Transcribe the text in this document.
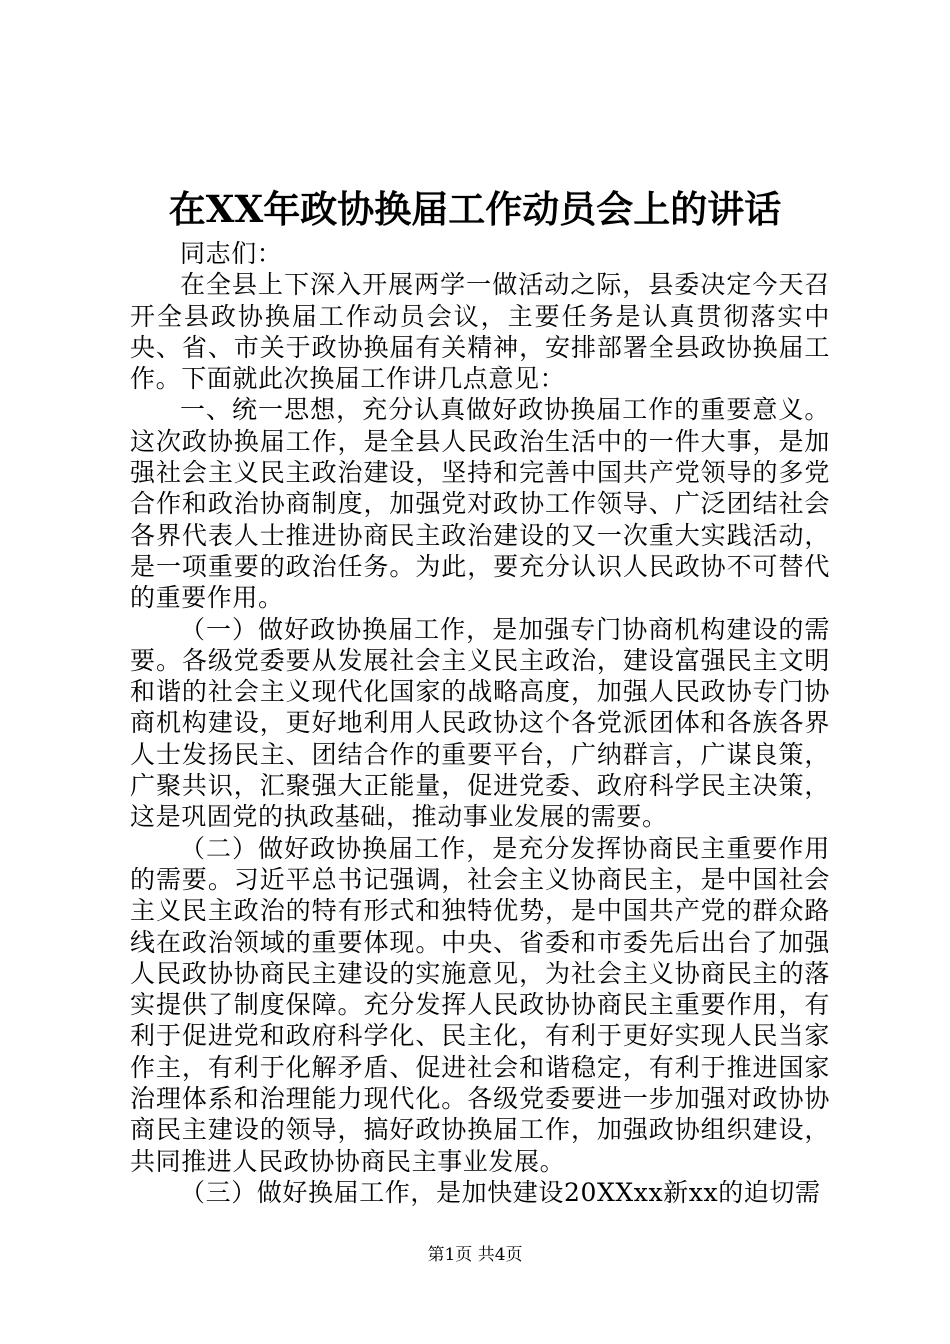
在XX年政协换届工作动员会上的讲话

同志们：

在全县上下深入开展两学一做活动之际，县委决定今天召开全县政协换届工作动员会议，主要任务是认真贯彻落实中央、省、市关于政协换届有关精神，安排部署全县政协换届工作。下面就此次换届工作讲几点意见：

一、统一思想，充分认真做好政协换届工作的重要意义。这次政协换届工作，是全县人民政治生活中的一件大事，是加强社会主义民主政治建设，坚持和完善中国共产党领导的多党合作和政治协商制度，加强党对政协工作领导、广泛团结社会各界代表人士推进协商民主政治建设的又一次重大实践活动，是一项重要的政治任务。为此，要充分认识人民政协不可替代的重要作用。

（一）做好政协换届工作，是加强专门协商机构建设的需要。各级党委要从发展社会主义民主政治，建设富强民主文明和谐的社会主义现代化国家的战略高度，加强人民政协专门协商机构建设，更好地利用人民政协这个各党派团体和各族各界人士发扬民主、团结合作的重要平台，广纳群言，广谋良策，广聚共识，汇聚强大正能量，促进党委、政府科学民主决策，这是巩固党的执政基础，推动事业发展的需要。

（二）做好政协换届工作，是充分发挥协商民主重要作用的需要。习近平总书记强调，社会主义协商民主，是中国社会主义民主政治的特有形式和独特优势，是中国共产党的群众路线在政治领域的重要体现。中央、省委和市委先后出台了加强人民政协协商民主建设的实施意见，为社会主义协商民主的落实提供了制度保障。充分发挥人民政协协商民主重要作用，有利于促进党和政府科学化、民主化，有利于更好实现人民当家作主，有利于化解矛盾、促进社会和谐稳定，有利于推进国家治理体系和治理能力现代化。各级党委要进一步加强对政协协商民主建设的领导，搞好政协换届工作，加强政协组织建设，共同推进人民政协协商民主事业发展。

（三）做好换届工作，是加快建设20XXxx新xx的迫切需

第1页 共4页
